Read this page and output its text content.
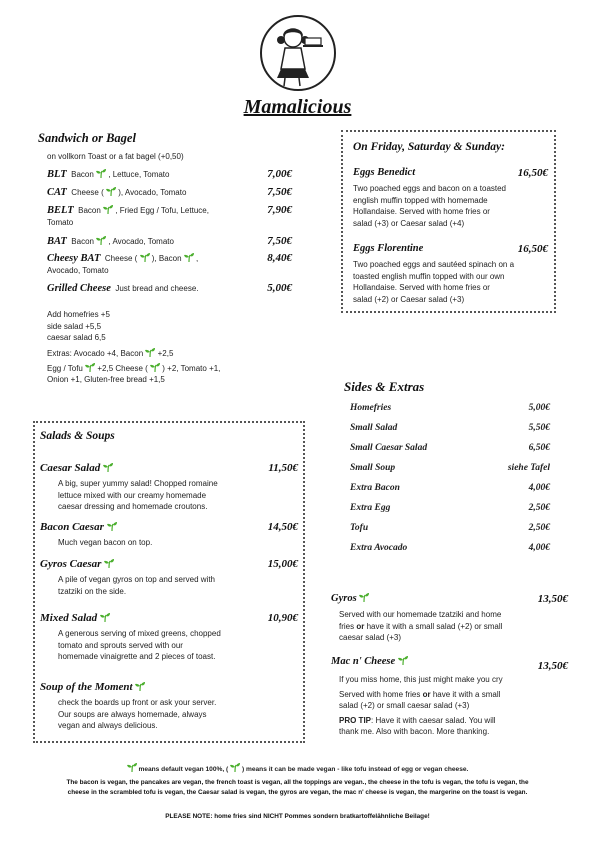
Mamalicious
Sandwich or Bagel
on vollkorn Toast or a fat bagel (+0,50)
BLT Bacon
, Lettuce, Tomato	7,00€
CAT Cheese ( ), Avocado, Tomato	7,50€
BELT Bacon
, Fried Egg / Tofu, Lettuce,
Tomato
7,90€
BAT Bacon
, Avocado, Tomato	7,50€
Cheesy BAT Cheese ( ), Bacon
,
Avocado, Tomato
8,40€
Grilled Cheese Just bread and cheese.	5,00€
Add homefries +5
side salad +5,5
caesar salad 6,5
Extras: Avocado +4, Bacon
+2,5
Egg / Tofu
+2,5 Cheese ( ) +2, Tomato +1,
Onion +1, Gluten-free bread +1,5
On Friday, Saturday & Sunday:
Eggs Benedict	16,50€
Two poached eggs and bacon on a toasted
english muffin topped with homemade
Hollandaise. Served with home fries or
salad (+3) or Caesar salad (+4)
Eggs Florentine	16,50€
Two poached eggs and sautéed spinach on a
toasted english muffin topped with our own
Hollandaise. Served with home fries or
salad (+2) or Caesar salad (+3)
Sides & Extras
Homefries	5,00€
Small Salad	5,50€
Small Caesar Salad	6,50€
Small Soup	siehe Tafel
Extra Bacon	4,00€
Extra Egg	2,50€
Tofu	2,50€
Extra Avocado	4,00€
Salads & Soups
Caesar Salad	11,50€
A big, super yummy salad! Chopped romaine
lettuce mixed with our creamy homemade
caesar dressing and homemade croutons.
Bacon Caesar	14,50€
Much vegan bacon on top.
Gyros Caesar	15,00€
A pile of vegan gyros on top and served with
tzatziki on the side.
Mixed Salad	10,90€
A generous serving of mixed greens, chopped
tomato and sprouts served with our
homemade vinaigrette and 2 pieces of toast.
Soup of the Moment
check the boards up front or ask your server.
Our soups are always homemade, always
vegan and always delicious.
Gyros	13,50€
Served with our homemade tzatziki and home
fries or have it with a small salad (+2) or small
caesar salad (+3)
Mac n' Cheese	13,50€
If you miss home, this just might make you cry
Served with home fries or have it with a small
salad (+2) or small caesar salad (+3)
PRO TIP: Have it with caesar salad. You will
thank me. Also with bacon. More thanking.
means default vegan 100%, ( ) means it can be made vegan - like tofu instead of egg or vegan cheese.
The bacon is vegan, the pancakes are vegan, the french toast is vegan, all the toppings are vegan., the cheese in the tofu is vegan, the tofu is vegan, the
cheese in the scrambled tofu is vegan, the Caesar salad is vegan, the gyros are vegan, the mac n' cheese is vegan, the margerine on the toast is vegan.
PLEASE NOTE: home fries sind NICHT Pommes sondern bratkartoffelähnliche Beilage!
